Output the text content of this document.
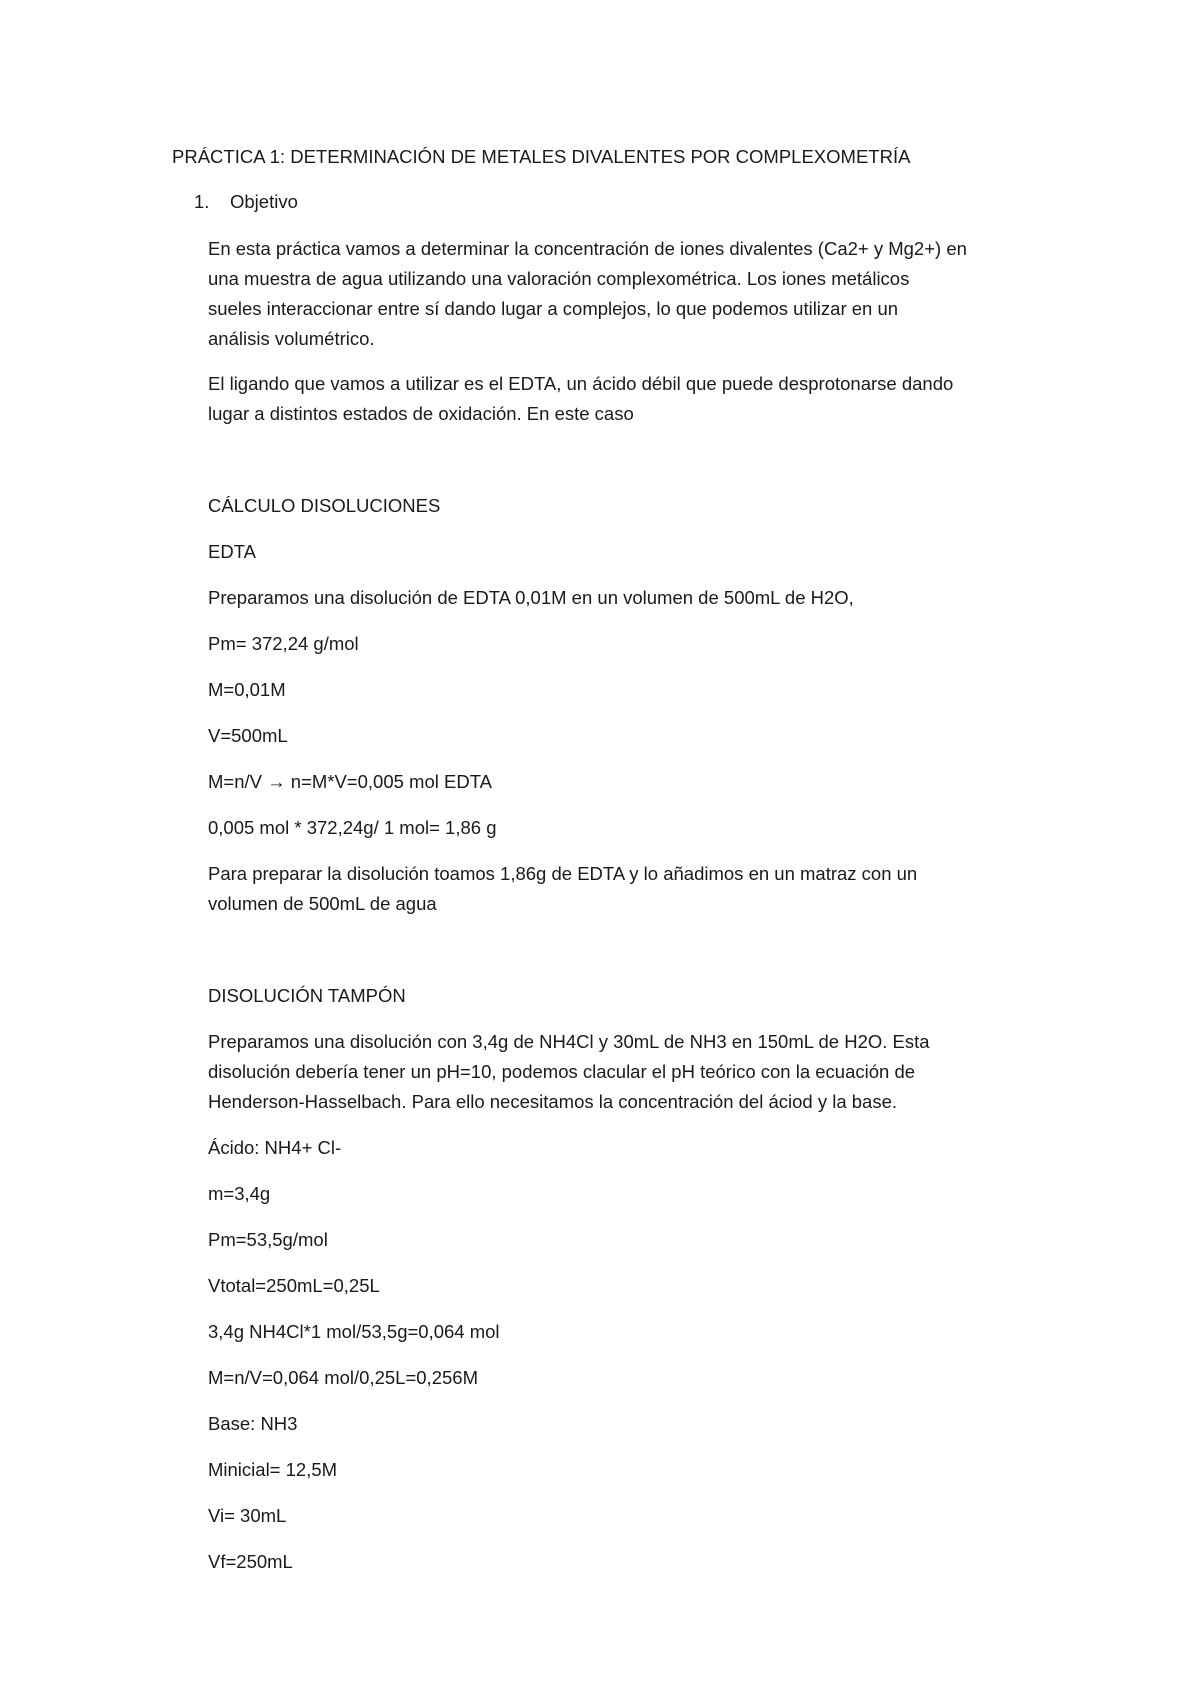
PRÁCTICA 1: DETERMINACIÓN DE METALES DIVALENTES POR COMPLEXOMETRÍA
1. Objetivo
En esta práctica vamos a determinar la concentración de iones divalentes (Ca2+ y Mg2+) en
una muestra de agua utilizando una valoración complexométrica. Los iones metálicos
sueles interaccionar entre sí dando lugar a complejos, lo que podemos utilizar en un
análisis volumétrico.
El ligando que vamos a utilizar es el EDTA, un ácido débil que puede desprotonarse dando
lugar a distintos estados de oxidación. En este caso
CÁLCULO DISOLUCIONES
EDTA
Preparamos una disolución de EDTA 0,01M en un volumen de 500mL de H2O,
Pm= 372,24 g/mol
M=0,01M
V=500mL
M=n/V → n=M*V=0,005 mol EDTA
0,005 mol * 372,24g/ 1 mol= 1,86 g
Para preparar la disolución toamos 1,86g de EDTA y lo añadimos en un matraz con un
volumen de 500mL de agua
DISOLUCIÓN TAMPÓN
Preparamos una disolución con 3,4g de NH4Cl y 30mL de NH3 en 150mL de H2O. Esta
disolución debería tener un pH=10, podemos clacular el pH teórico con la ecuación de
Henderson-Hasselbach. Para ello necesitamos la concentración del áciod y la base.
Ácido: NH4+ Cl-
m=3,4g
Pm=53,5g/mol
Vtotal=250mL=0,25L
3,4g NH4Cl*1 mol/53,5g=0,064 mol
M=n/V=0,064 mol/0,25L=0,256M
Base: NH3
Minicial= 12,5M
Vi= 30mL
Vf=250mL
